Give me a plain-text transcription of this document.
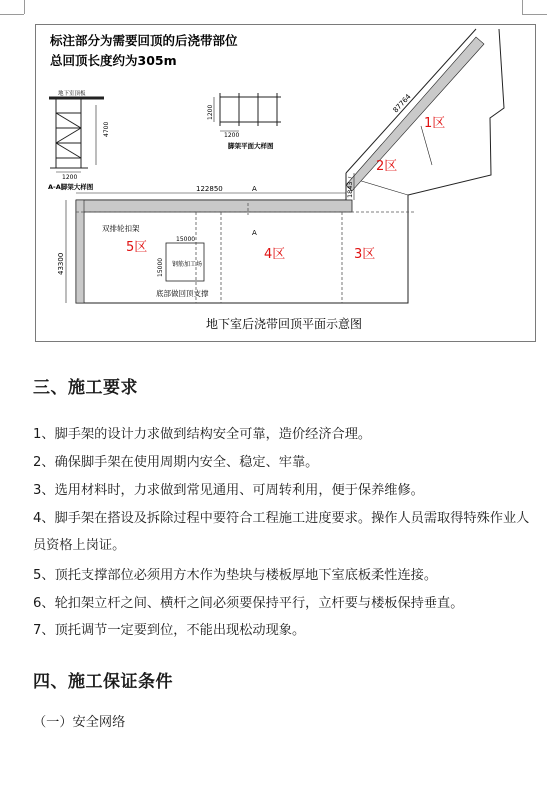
标注部分为需要回顶的后浇带部位
总回顶长度约为305m
地下室顶板
4700
1200
A-A脚架大样图
1200
1200
脚架平面大样图
122850	A
A
87764
43300
1843
双排轮扣架
15000
15000 钢筋加工场
底部做回顶支撑
1区
2区
5区	4区	3区
地下室后浇带回顶平面示意图
三、施工要求
1、脚手架的设计力求做到结构安全可靠，造价经济合理。
2、确保脚手架在使用周期内安全、稳定、牢靠。
3、选用材料时，力求做到常见通用、可周转利用，便于保养维修。
4、脚手架在搭设及拆除过程中要符合工程施工进度要求。操作人员需取得特殊作业人员资格上岗证。
5、顶托支撑部位必须用方木作为垫块与楼板厚地下室底板柔性连接。
6、轮扣架立杆之间、横杆之间必须要保持平行，立杆要与楼板保持垂直。
7、顶托调节一定要到位，不能出现松动现象。
四、施工保证条件
（一）安全网络
